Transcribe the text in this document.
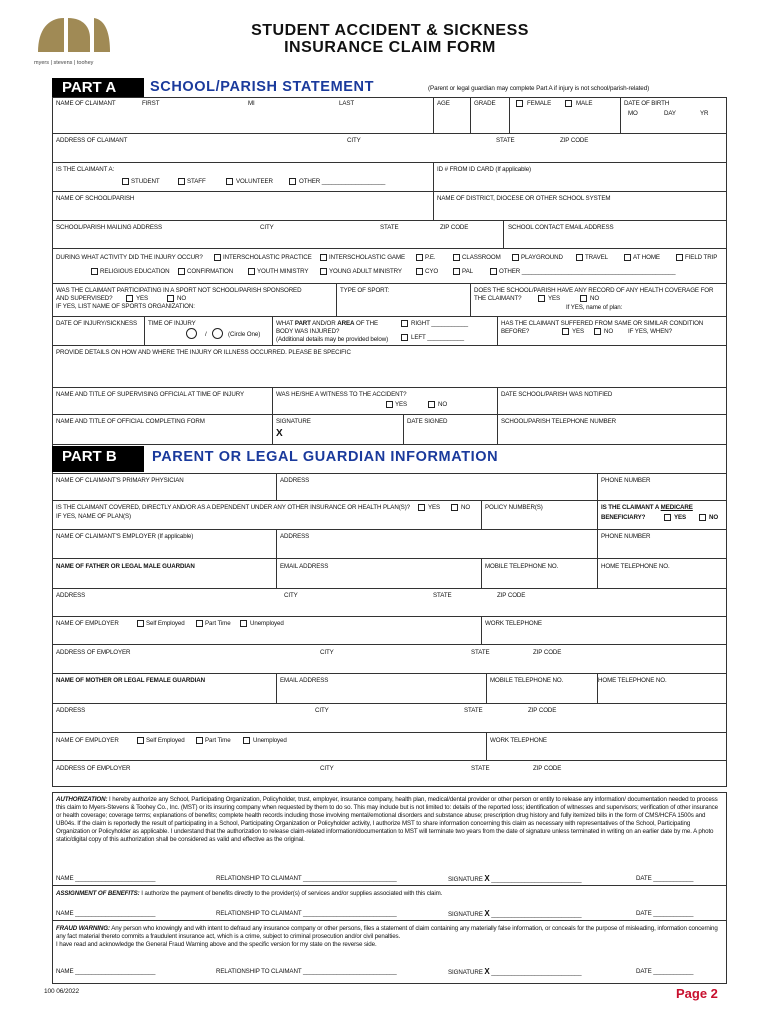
myers | stevens | toohey
STUDENT ACCIDENT & SICKNESS
INSURANCE CLAIM FORM
PART A	SCHOOL/PARISH STATEMENT	(Parent or legal guardian may complete Part A if injury is not school/parish-related)
NAME OF CLAIMANT	FIRST	MI	LAST	AGE	GRADE	FEMALE	MALE	DATE OF BIRTH
MO	DAY	YR
ADDRESS OF CLAIMANT	CITY	STATE	ZIP CODE
IS THE CLAIMANT A:
STUDENT	STAFF	VOLUNTEER	OTHER ___________________
ID # FROM ID CARD (If applicable)
NAME OF SCHOOL/PARISH	NAME OF DISTRICT, DIOCESE OR OTHER SCHOOL SYSTEM
SCHOOL/PARISH MAILING ADDRESS	CITY	STATE	ZIP CODE	SCHOOL CONTACT EMAIL ADDRESS
DURING WHAT ACTIVITY DID THE INJURY OCCUR?	INTERSCHOLASTIC PRACTICE	INTERSCHOLASTIC GAME	P.E.	CLASSROOM	PLAYGROUND	TRAVEL	AT HOME	FIELD TRIP
RELIGIOUS EDUCATION	CONFIRMATION	YOUTH MINISTRY	YOUNG ADULT MINISTRY	CYO	PAL	OTHER ______________________________________________
WAS THE CLAIMANT PARTICIPATING IN A SPORT NOT SCHOOL/PARISH SPONSORED
AND SUPERVISED?	YES	NO
IF YES, LIST NAME OF SPORTS ORGANIZATION:
TYPE OF SPORT:	DOES THE SCHOOL/PARISH HAVE ANY RECORD OF ANY HEALTH COVERAGE FOR
THE CLAIMANT?	YES	NO
If YES, name of plan:
DATE OF INJURY/SICKNESS TIME OF INJURY
/	(Circle One)
WHAT PART AND/OR AREA OF THE
BODY WAS INJURED?
(Additional details may be provided below)
RIGHT ___________
LEFT ___________
HAS THE CLAIMANT SUFFERED FROM SAME OR SIMILAR CONDITION
BEFORE?	YES	NO IF YES, WHEN?
PROVIDE DETAILS ON HOW AND WHERE THE INJURY OR ILLNESS OCCURRED. PLEASE BE SPECIFIC
NAME AND TITLE OF SUPERVISING OFFICIAL AT TIME OF INJURY	WAS HE/SHE A WITNESS TO THE ACCIDENT?
YES	NO
DATE SCHOOL/PARISH WAS NOTIFIED
NAME AND TITLE OF OFFICIAL COMPLETING FORM	SIGNATURE
X
DATE SIGNED	SCHOOL/PARISH TELEPHONE NUMBER
PART B	PARENT OR LEGAL GUARDIAN INFORMATION
NAME OF CLAIMANT'S PRIMARY PHYSICIAN	ADDRESS	PHONE NUMBER
IS THE CLAIMANT COVERED, DIRECTLY AND/OR AS A DEPENDENT UNDER ANY OTHER INSURANCE OR HEALTH PLAN(S)?
IF YES, NAME OF PLAN(S)
YES	NO POLICY NUMBER(S)	IS THE CLAIMANT A MEDICARE
BENEFICIARY?	YES	NO
NAME OF CLAIMANT'S EMPLOYER (If applicable)	ADDRESS	PHONE NUMBER
NAME OF FATHER OR LEGAL MALE GUARDIAN	EMAIL ADDRESS	MOBILE TELEPHONE NO.	HOME TELEPHONE NO.
ADDRESS	CITY	STATE	ZIP CODE
NAME OF EMPLOYER	Self Employed	Part Time	Unemployed	WORK TELEPHONE
ADDRESS OF EMPLOYER	CITY	STATE	ZIP CODE
NAME OF MOTHER OR LEGAL FEMALE GUARDIAN	EMAIL ADDRESS	MOBILE TELEPHONE NO.	HOME TELEPHONE NO.
ADDRESS	CITY	STATE	ZIP CODE
NAME OF EMPLOYER	Self Employed	Part Time	Unemployed	WORK TELEPHONE
ADDRESS OF EMPLOYER	CITY	STATE	ZIP CODE
AUTHORIZATION: I hereby authorize any School, Participating Organization, Policyholder, trust, employer, insurance company, health plan, medical/dental provider or other person or entity to release any information/ documentation needed to process this claim to Myers-Stevens & Toohey Co., Inc. (MST) or its insuring company when requested by them to do so. This may include but is not limited to: details of the reported loss; identification of witnesses and supervisors; verification of other insurance or health coverage; coverage terms; explanations of benefits; complete health records including those involving mental/emotional disorders and substance abuse; prescription drug history and fully itemized bills in the form of CMS/HCFA 1500s and UB04s. If the claim is reportedly the result of participating in a School, Participating Organization or Policyholder activity, I authorize MST to share information concerning this claim as necessary with representatives of the School, Participating Organization or Policyholder as applicable. I understand that the authorization to release claim-related information/documentation to MST will terminate two years from the date of signature unless terminated in writing on an earlier date by me. A photo static/digital copy of this authorization shall be considered as valid and effective as the original.
NAME ________________________	RELATIONSHIP TO CLAIMANT ____________________________	SIGNATURE X ___________________________	DATE ____________
ASSIGNMENT OF BENEFITS: I authorize the payment of benefits directly to the provider(s) of services and/or supplies associated with this claim.
NAME ________________________	RELATIONSHIP TO CLAIMANT ____________________________	SIGNATURE X ___________________________	DATE ____________
FRAUD WARNING: Any person who knowingly and with intent to defraud any insurance company or other persons, files a statement of claim containing any materially false information, or conceals for the purpose of misleading, information concerning any fact material thereto commits a fraudulent insurance act, which is a crime, subject to criminal prosecution and/or civil penalties.
I have read and acknowledge the General Fraud Warning above and the specific version for my state on the reverse side.
NAME ________________________	RELATIONSHIP TO CLAIMANT ____________________________	SIGNATURE X ___________________________	DATE ____________
100 06/2022	Page 2
